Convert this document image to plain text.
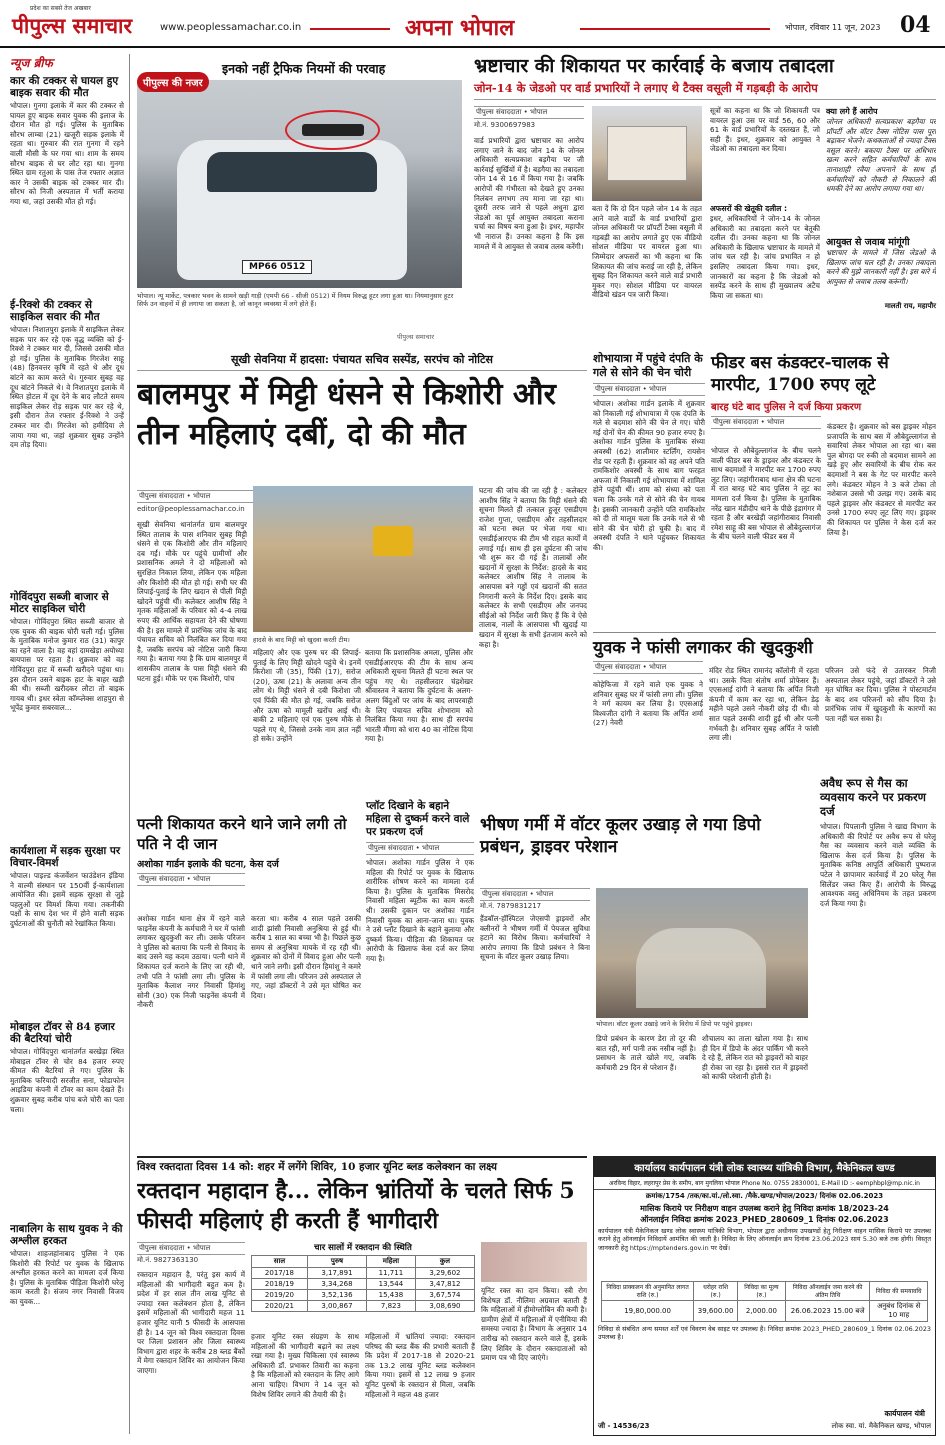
प्रदेश का सबसे तेज अखबार
पीपुल्स समाचार	www.peoplessamachar.co.in	अपना भोपाल	भोपाल, रविवार 11 जून, 2023 04
न्यूज ब्रीफ
कार की टक्कर से घायल हुए बाइक सवार की मौत
भोपाल। गुनगा इलाके में कार की टक्कर से घायल हुए बाइक सवार युवक की इलाज के दौरान मौत हो गई। पुलिस के मुताबिक सौरभ लाम्बा (21) खजूरी सड़क इलाके में रहता था। गुरुवार की रात गुनगा में रहने वाली मौसी के घर गया था। शाम के समय सौरभ बाइक से घर लौट रहा था। गुनगा स्थित ग्राम रतुआ के पास तेज रफ्तार अज्ञात कार ने उसकी बाइक को टक्कर मार दी। सौरभ को निजी अस्पताल में भर्ती कराया गया था, जहां उसकी मौत हो गई।
ई-रिक्शे की टक्कर से साइकिल सवार की मौत
भोपाल। निशातपुरा इलाके में साइकिल लेकर सड़क पार कर रहे एक वृद्ध व्यक्ति को ई-रिक्शे ने टक्कर मार दी, जिससे उसकी मौत हो गई। पुलिस के मुताबिक गिरजेश साहू (48) हिनवत्तर कृषि में रहते थे और दूध बांटने का काम करते थे। गुरुवार सुबह वह दूध बांटने निकले थे। वे निशातपुरा इलाके में स्थित होटल में दूध देने के बाद लौटते समय साइकिल लेकर रोड़ सड़क पार कर रहे थे, इसी दौरान तेज रफ्तार ई-रिक्शे ने उन्हें टक्कर मार दी। गिरजेश को हमीदिया ले जाया गया था, जहां शुक्रवार सुबह उन्होंने दम तोड़ दिया।
गोविंदपुरा सब्जी बाजार से मोटर साइकिल चोरी
भोपाल। गोविंदपुरा स्थित सब्जी बाजार से एक युवक की बाइक चोरी चली गई। पुलिस के मुताबिक मनोज कुमार राठ (31) कापुर का रहने वाला है। वह वहां दामखेड़ा अयोध्या बायपास पर रहता है। शुक्रवार को वह गोविंदपुरा हाट में सब्जी खरीदने पहुंचा था। इस दौरान उसने बाइक हाट के बाहर खड़ी की थी। सब्जी खरीदकर लौटा तो बाइक गायब थी। इधर स्वेता कॉम्प्लेक्स शाहपुरा से भूपेंद्र कुमार सबरवाल...
कार्यशाला में सड़क सुरक्षा पर विचार-विमर्श
भोपाल। पाइल्ड कंजर्वेशन फाउंडेशन इंडिया ने वाल्मी संस्थान पर 150वीं ई-कार्यशाला आयोजित की। इसमें सड़क सुरक्षा से जुड़े पहलुओं पर विमर्श किया गया। तकनीकी पक्षों के साथ देश भर में होने वाली सड़क दुर्घटनाओं की चुनौती को रेखांकित किया।
मोबाइल टॉवर से 84 हजार की बैटरियां चोरी
भोपाल। गोविंदपुरा थानांतर्गत बरखेड़ा स्थित मोबाइल टॉवर से चोर 84 हजार रुपए कीमत की बैटरियां ले गए। पुलिस के मुताबिक फरियादी सरजीत सना, फोडाफोन आइडिया कंपनी में टॉवर का काम देखते हैं। शुक्रवार सुबह करीब पांच बजे चोरी का पता चला।
नाबालिग के साथ युवक ने की अश्लील हरकत
भोपाल। शाहजहांनाबाद पुलिस ने एक किशोरी की रिपोर्ट पर युवक के खिलाफ अश्लील हरकत करने का मामला दर्ज किया है। पुलिस के मुताबिक पीड़िता किशोरी घरेलू काम करती है। संजय नगर निवासी विजय का युवक...
पीपुल्स की नजर
इनको नहीं ट्रैफिक नियमों की परवाह
MP66 0512
भोपाल। न्यू मार्केट, पत्रकार भवन के सामने खड़ी गाड़ी (एमपी 66 - सीजी 0512) में नियम विरुद्ध हूटर लगा हुआ था। नियमानुसार हूटर सिर्फ उन वाहनों में ही लगाया जा सकता है, जो कानून व्यवस्था में लगे होते हैं।
पीपुल्स समाचार
भ्रष्टाचार की शिकायत पर कार्रवाई के बजाय तबादला
जोन-14 के जेडओ पर वार्ड प्रभारियों ने लगाए थे टैक्स वसूली में गड़बड़ी के आरोप
पीपुल्स संवाददाता • भोपाल
मो.नं. 9300697983
वार्ड प्रभारियों द्वारा भ्रष्टाचार का आरोप लगाए जाने के बाद जोन 14 के जोनल अधिकारी सत्यप्रकाश बड़गैया पर जी कार्रवाई सुर्खियों में है। बड़गैया का तबादला जोन 14 से 16 में किया गया है। जबकि आरोपों की गंभीरता को देखते हुए उनका निलंबन लगभग तय माना जा रहा था। दूसरी तरफ जाने से पहले अधुना द्वारा जेडओ का पूर्व आयुक्त तबादला कराना चर्चा का विषय बना हुआ है। इधर, महापौर भी नाराज हैं। उनका कहना है कि इस मामले में वे आयुक्त से जवाब तलब करेंगी।
बता दें कि दो दिन पहले जोन 14 के तहत आने वाले वार्डों के वार्ड प्रभारियों द्वारा जोनल अधिकारी पर प्रॉपर्टी टैक्स वसूली में गड़बड़ी का आरोप लगाते हुए एक वीडियो सोशल मीडिया पर वायरल हुआ था। जिम्मेदार अफसरों का भी कहना था कि शिकायत की जांच कराई जा रही है, लेकिन सुबह दिन शिकायत करने वाले वार्ड प्रभारी मुकर गए। सोशल मीडिया पर वायरल वीडियो खंडन पत्र जारी किया।
सूत्रों का कहना था कि जो शिकायती पत्र वायरल हुआ उस पर वार्ड 56, 60 और 61 के वार्ड प्रभारियों के दस्तखत हैं, जो सही हैं। इधर, शुक्रवार को आयुक्त ने जेडओ का तबादला कर दिया।
अफसरों की खेतूकी दलील :
इधर, अधिकारियों ने जोन-14 के जोनल अधिकारी का तबादला करने पर बेतूकी दलील दी। उनका कहना था कि जोनल अधिकारी के खिलाफ भ्रष्टाचार के मामले में जांच चल रही है। जांच प्रभावित न हो इसलिए तबादला किया गया। इधर, जानकारों का कहना है कि जेडओ को सस्पेंड करने के साथ ही मुख्यालय अटैच किया जा सकता था।
क्या लगे हैं आरोप
जोनल अधिकारी सत्यप्रकाश बड़गैया पर प्रॉपर्टी और वॉटर टैक्स नोटिस पास पूरा बढ़ाकर भेजने। कथकताओं से ज्यादा टैक्स वसूल करने। बकाया टैक्स पर अधिभार खत्म करने सहित कर्मचारियों के साथ तानाशाही रवैया अपनाने के साथ ही कर्मचारियों को नौकरी से निकालने की धमकी देने का आरोप लगाया गया था।
आयुक्त से जवाब मांगूंगी
भ्रष्टाचार के मामले में जिस जेडओ के खिलाफ जांच चल रही है। उनका तबादला करने की मुझे जानकारी नहीं है। इस बारे में आयुक्त से जवाब तलब करूंगी।
मालती राय, महापौर
सूखी सेवनिया में हादसा: पंचायत सचिव सस्पेंड, सरपंच को नोटिस
बालमपुर में मिट्टी धंसने से किशोरी और तीन महिलाएं दबीं, दो की मौत
पीपुल्स संवाददाता • भोपाल
editor@peoplessamachar.co.in
हादसे के बाद मिट्टी को खुदवा करती टीम।
सूखी सेवनिया थानांतर्गत ग्राम बालमपुर स्थित तालाब के पास शनिवार सुबह मिट्टी धंसने से एक किशोरी और तीन महिलाएं दब गईं। मौके पर पहुंचे ग्रामीणों और प्रशासनिक अमले ने दो महिलाओं को सुरक्षित निकाल लिया, लेकिन एक महिला और किशोरी की मौत हो गई। सभी घर की लिपाई-पुताई के लिए खदान से पीली मिट्टी खोदने पहुंची थीं। कलेक्टर आशीष सिंह ने मृतक महिलाओं के परिवार को 4-4 लाख रुपए की आर्थिक सहायता देने की घोषणा की है। इस मामले में प्रारंभिक जांच के बाद पंचायत सचिव को निलंबित कर दिया गया है, जबकि सरपंच को नोटिस जारी किया गया है। बताया गया है कि ग्राम बालमपुर में शासकीय तालाब के पास मिट्टी धंसने की घटना हुई। मौके पर एक किशोरी, पांच
महिलाएं और एक पुरुष घर की लिपाई-पुताई के लिए मिट्टी खोदने पहुंचे थे। इनमें किरोशा जी (35), पिंकी (17), सरोज (20), ऊषा (21) के अलावा अन्य तीन लोग थे। मिट्टी धंसने से दबी किरोशा जी एवं पिंकी की मौत हो गई, जबकि सरोज और ऊषा को मामूली खरोंच आई थी। बाकी 2 महिलाएं एवं एक पुरुष मौके से पहले गए थे, जिससे उनके नाम ज्ञात नहीं हो सके। उन्होंने
बताया कि प्रशासनिक अमला, पुलिस और एसडीईआरएफ की टीम के साथ अन्य अधिकारी सूचना मिलते ही घटना स्थल पर पहुंच गए थे। तहसीलदार चंद्रशेखर श्रीवास्तव ने बताया कि दुर्घटना के अलग-अलग बिंदुओं पर जांच के बाद लापरवाही के लिए पंचायत सचिव शोभाराम को निलंबित किया गया है। साथ ही सरपंच भारती मीणा को धारा 40 का नोटिस दिया गया है।
घटना की जांच की जा रही है : कलेक्टर आशीष सिंह ने बताया कि मिट्टी धंसने की सूचना मिलते ही तत्काल हुजूर एसडीएम राजेश गुप्ता, एसडीएम और तहसीलदार को घटना स्थल पर भेजा गया था। एसडीईआरएफ की टीम भी राहत कार्यों में लगाई गई। साथ ही इस दुर्घटना की जांच भी शुरू कर दी गई है। तालाबों और खदानों में सुरक्षा के निर्देश: हादसे के बाद कलेक्टर आशीष सिंह ने तालाब के आसपास बने गड्ढों एवं खदानों की सतत निगरानी करने के निर्देश दिए। इसके बाद कलेक्टर के सभी एसडीएम और जनपद सीईओ को निर्देश जारी किए हैं कि वे ऐसे तालाब, नालों के आसपास भी खुदाई या खदान में सुरक्षा के सभी इंतजाम करने को कहा है।
शोभायात्रा में पहुंचे दंपति के गले से सोने की चेन चोरी
पीपुल्स संवाददाता • भोपाल
भोपाल। अशोका गार्डन इलाके में शुक्रवार को निकाली गई शोभायात्रा में एक दंपति के गले से बदमाश सोने की चेन ले गए। चोरी गई दोनों चेन की कीमत 90 हजार रुपए है। अशोका गार्डन पुलिस के मुताबिक संध्या अवस्थी (62) शालीमार स्टर्लिंग, रायसेन रोड पर रहती हैं। शुक्रवार को वह अपने पति रामकिशोर अवस्थी के साथ बाग फरहत अफजा में निकाली गई शोभायात्रा में शामिल होने पहुंची थीं। शाम को संध्या को पता चला कि उनके गले से सोने की चेन गायब है। इसकी जानकारी उन्होंने पति रामकिशोर को दी तो मालूम चला कि उनके गले से भी सोने की चेन चोरी हो चुकी है। बाद में अवस्थी दंपति ने थाने पहुंचकर शिकायत की।
फीडर बस कंडक्टर-चालक से मारपीट, 1700 रुपए लूटे
बारह घंटे बाद पुलिस ने दर्ज किया प्रकरण
पीपुल्स संवाददाता • भोपाल
भोपाल से औबेदुल्लागंज के बीच चलने वाली फीडर बस के ड्राइवर और कंडक्टर के साथ बदमाशों ने मारपीट कर 1700 रुपए लूट लिए। जहांगीराबाद थाना क्षेत्र की घटना में रात बारह घंटे बाद पुलिस ने लूट का मामला दर्ज किया है। पुलिस के मुताबिक नरेंद्र खान मंडीदीप थाने के पीछे इंडागंगर में रहता है और बरखेड़ी जहांगीराबाद निवासी रमेश साहू की बस भोपाल से औबेदुल्लागंज के बीच चलने वाली फीडर बस में
कंडक्टर है। शुक्रवार को बस ड्राइवर मोहन प्रजापति के साथ बस में औबेदुल्लागंज से सवारियां लेकर भोपाल आ रहा था। बस पुल बोगदा पर रुकी तो बदमाश सामने आ खड़े हुए और सवारियों के बीच रोक कर बदमाशों ने बस के गेट पर मारपीट करने लगे। कंडक्टर मोहन ने 3 बजे टोका तो नशेबाज उससे भी उलझ गए। उसके बाद पहले ड्राइवर और कंडक्टर से मारपीट कर उनसे 1700 रुपए लूट लिए गए। ड्राइवर की शिकायत पर पुलिस ने केस दर्ज कर लिया है।
युवक ने फांसी लगाकर की खुदकुशी
पीपुल्स संवाददाता • भोपाल
कोहेफिजा में रहने वाले एक युवक ने शनिवार सुबह घर में फांसी लगा ली। पुलिस ने मर्ग कायम कर लिया है। एएसआई विश्वजीत दांगी ने बताया कि अर्पित शर्मा (27) नेवरी
मंदिर रोड स्थित रामानंद कॉलोनी में रहता था। उसके पिता संतोष शर्मा प्रोफेसर हैं। एएसआई दांगी ने बताया कि अर्पित निजी कंपनी में काम कर रहा था, लेकिन डेढ़ महीने पहले उसने नौकरी छोड़ दी थी। वो सात पहले उसकी शादी हुई थी और पत्नी गर्भवती है। शनिवार सुबह अर्पित ने फांसी लगा ली।
परिजन उसे फंदे से उतारकर निजी अस्पताल लेकर पहुंचे, जहां डॉक्टरों ने उसे मृत घोषित कर दिया। पुलिस ने पोस्टमार्टम के बाद शव परिजनों को सौंप दिया है। प्रारंभिक जांच में खुदकुशी के कारणों का पता नहीं चल सका है।
पत्नी शिकायत करने थाने जाने लगी तो पति ने दी जान
अशोका गार्डन इलाके की घटना, केस दर्ज
पीपुल्स संवाददाता • भोपाल
अशोका गार्डन थाना क्षेत्र में रहने वाले फाइनेंस कंपनी के कर्मचारी ने घर में फांसी लगाकर खुदकुशी कर ली। उसके परिजन ने पुलिस को बताया कि पत्नी से विवाद के बाद उसने यह कदम उठाया। पत्नी थाने में शिकायत दर्ज कराने के लिए जा रही थी, तभी पति ने फांसी लगा ली। पुलिस के मुताबिक कैलाश नगर निवासी हिमांशु सोनी (30) एक निजी फाइनेंस कंपनी में नौकरी
करता था। करीब 4 साल पहले उसकी शादी झांसी निवासी अनुश्रिया से हुई थी। करीब 1 साल का बच्चा भी है। पिछले कुछ समय से अनुश्रिया मायके में रह रही थी। शुक्रवार को दोनों में विवाद हुआ और पत्नी थाने जाने लगी। इसी दौरान हिमांशु ने कमरे में फांसी लगा ली। परिजन उसे अस्पताल ले गए, जहां डॉक्टरों ने उसे मृत घोषित कर दिया।
प्लॉट दिखाने के बहाने महिला से दुष्कर्म करने वाले पर प्रकरण दर्ज
पीपुल्स संवाददाता • भोपाल
भोपाल। अशोका गार्डन पुलिस ने एक महिला की रिपोर्ट पर युवक के खिलाफ शारीरिक शोषण करने का मामला दर्ज किया है। पुलिस के मुताबिक मिसरोद निवासी महिला ब्यूटीक का काम करती थी। उसकी दुकान पर अशोका गार्डन निवासी युवक का आना-जाना था। युवक ने उसे प्लॉट दिखाने के बहाने बुलाया और दुष्कर्म किया। पीड़िता की शिकायत पर आरोपी के खिलाफ केस दर्ज कर लिया गया है।
भीषण गर्मी में वॉटर कूलर उखाड़ ले गया डिपो प्रबंधन, ड्राइवर परेशान
पीपुल्स संवाददाता • भोपाल
मो.नं. 7879831217
हैंडबॉल-हॉस्पिटल जेएसपी ड्राइवरों और क्लीनरों ने भीषण गर्मी में पेयजल सुविधा हटाने का विरोध किया। कर्मचारियों ने आरोप लगाया कि डिपो प्रबंधन ने बिना सूचना के वॉटर कूलर उखाड़ लिया।
भोपाल। वॉटर कूलर उखाड़े जाने के विरोध में डिपो पर पहुंचे ड्राइवर।
डिपो प्रबंधन के कारण डेरा तो दूर की बात रही, मर्ग पानी तक नसीब नहीं है। प्रसाधन के ताले खोले गए, जबकि कर्मचारी 29 दिन से परेशान हैं।
शौचालय का ताला खोला गया है। साथ ही दिन में डिपो के अंदर पार्किंग भी करने दे रहे हैं, लेकिन रात को ड्राइवरों को बाहर ही रोका जा रहा है। इससे रात में ड्राइवरों को काफी परेशानी होती है।
अवैध रूप से गैस का व्यवसाय करने पर प्रकरण दर्ज
भोपाल। पिपलानी पुलिस ने खाद्य विभाग के अधिकारी की रिपोर्ट पर अवैध रूप से घरेलू गैस का व्यवसाय करने वाले व्यक्ति के खिलाफ केस दर्ज किया है। पुलिस के मुताबिक कनिष्ठ आपूर्ति अधिकारी पुष्पराज पटेल ने छापामार कार्रवाई में 20 घरेलू गैस सिलेंडर जब्त किए हैं। आरोपी के विरुद्ध आवश्यक वस्तु अधिनियम के तहत प्रकरण दर्ज किया गया है।
विश्व रक्तदाता दिवस 14 को: शहर में लगेंगे शिविर, 10 हजार यूनिट ब्लड कलेक्शन का लक्ष्य
रक्तदान महादान है... लेकिन भ्रांतियों के चलते सिर्फ 5 फीसदी महिलाएं ही करती हैं भागीदारी
पीपुल्स संवाददाता • भोपाल
मो.नं. 9827363130
रक्तदान महादान है, परंतु इस कार्य में महिलाओं की भागीदारी बहुत कम है। प्रदेश में हर साल तीन लाख यूनिट से ज्यादा रक्त कलेक्शन होता है, लेकिन इसमें महिलाओं की भागीदारी महज 11 हजार यूनिट यानी 5 फीसदी के आसपास ही है। 14 जून को विश्व रक्तदाता दिवस पर जिला प्रशासन और जिला स्वास्थ्य विभाग द्वारा शहर के करीब 28 ब्लड बैंकों में मेगा रक्तदान शिविर का आयोजन किया जाएगा।
चार सालों में रक्तदान की स्थिति
साल	पुरुष	महिला	कुल
2017/18	3,17,891	11,711	3,29,602
2018/19	3,34,268	13,544	3,47,812
2019/20	3,52,136	15,438	3,67,574
2020/21	3,00,867	7,823	3,08,690
हजार यूनिट रक्त संग्रहण के साथ महिलाओं की भागीदारी बढ़ाने का लक्ष्य रखा गया है। मुख्य चिकित्सा एवं स्वास्थ्य अधिकारी डॉ. प्रभाकर तिवारी का कहना है कि महिलाओं को रक्तदान के लिए आगे आना चाहिए। विभाग ने 14 जून को विशेष शिविर लगाने की तैयारी की है।
महिलाओं में भ्रांतियां ज्यादा: रक्तदान परिषद की ब्लड बैंक की प्रभारी बताती हैं कि प्रदेश में 2017-18 से 2020-21 तक 13.2 लाख यूनिट ब्लड कलेक्शन किया गया। इसमें से 12 लाख 9 हजार यूनिट पुरुषों के रक्तदान से मिला, जबकि महिलाओं ने महज 48 हजार
यूनिट रक्त का दान किया। स्त्री रोग विशेषज्ञ डॉ. नीलिमा अग्रवाल बताती हैं कि महिलाओं में हीमोग्लोबिन की कमी है। ग्रामीण क्षेत्रों में महिलाओं में एनीमिया की समस्या ज्यादा है। विभाग के अनुसार 14 तारीख को रक्तदान करने वाले हैं, इसके लिए शिविर के दौरान रक्तदाताओं को प्रमाण पत्र भी दिए जाएंगे।
कार्यालय कार्यपालन यंत्री लोक स्वास्थ्य यांत्रिकी विभाग, मैकेनिकल खण्ड
अरविन्द विहार, लहरापुर प्रेस के समीप, बाग मुगलिया भोपाल Phone No. 0755 2830001, E-Mail ID :- eemphbpl@mp.nic.in
क्रमांक/1754 /तक/का.यां./लो.स्वा. /मैके.खण्ड/भोपाल/2023/ दिनांक 02.06.2023
मासिक किराये पर निरीक्षण वाहन उपलब्ध कराने हेतु निविदा क्रमांक 18/2023-24
ऑनलाईन निविदा क्रमांक 2023_PHED_280609_1 दिनांक 02.06.2023
कार्यपालन यंत्री मैकेनिकल खण्ड लोक स्वास्थ्य यांत्रिकी विभाग, भोपाल द्वारा अधीनस्थ उपखण्डों हेतु निरीक्षण वाहन मासिक किराये पर उपलब्ध कराने हेतु ऑनलाईन निविदायें आमंत्रित की जाती है। निविदा के लिए ऑनलाईन क्रय दिनांक 23.06.2023 सायं 5.30 बजे तक होगी। विस्तृत जानकारी हेतु https://mptenders.gov.in पर देखें।
निविदा प्राक्कलन की अनुमानित लागत राशि (रु.)	धरोहर राशि (रु.)	निविदा का मूल्य (रु.)	निविदा ऑनलाईन जमा करने की अंतिम तिथि	निविदा की समयावधि
19,80,000.00	39,600.00	2,000.00	26.06.2023 15.00 बजे	अनुबंध दिनांक से 10 माह
निविदा से संबंधित अन्य समस्त शर्तें एवं विवरण वेब साइट पर उपलब्ध है। निविदा क्रमांक 2023_PHED_280609_1 दिनांक 02.06.2023 उपलब्ध है।
जी - 14536/23
कार्यपालन यंत्री
लोक स्वा. यां. मैकेनिकल खण्ड, भोपाल
